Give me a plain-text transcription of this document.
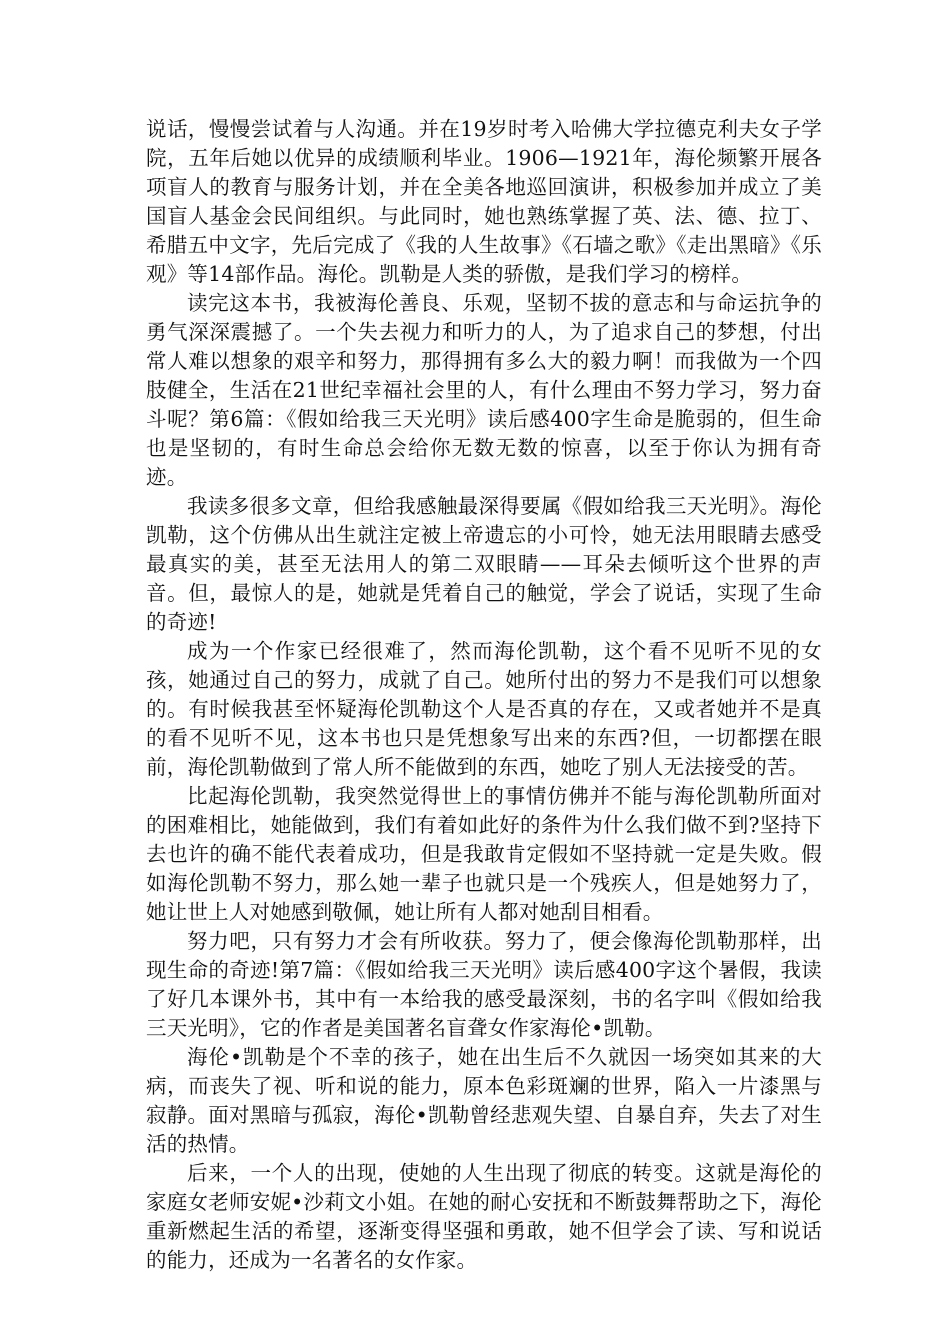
说话，慢慢尝试着与人沟通。并在19岁时考入哈佛大学拉德克利夫女子学院，五年后她以优异的成绩顺利毕业。1906—1921年，海伦频繁开展各项盲人的教育与服务计划，并在全美各地巡回演讲，积极参加并成立了美国盲人基金会民间组织。与此同时，她也熟练掌握了英、法、德、拉丁、希腊五中文字，先后完成了《我的人生故事》《石墙之歌》《走出黑暗》《乐观》等14部作品。海伦。凯勒是人类的骄傲，是我们学习的榜样。

读完这本书，我被海伦善良、乐观，坚韧不拔的意志和与命运抗争的勇气深深震撼了。一个失去视力和听力的人，为了追求自己的梦想，付出常人难以想象的艰辛和努力，那得拥有多么大的毅力啊！而我做为一个四肢健全，生活在21世纪幸福社会里的人，有什么理由不努力学习，努力奋斗呢？第6篇：《假如给我三天光明》读后感400字生命是脆弱的，但生命也是坚韧的，有时生命总会给你无数无数的惊喜，以至于你认为拥有奇迹。

我读多很多文章，但给我感触最深得要属《假如给我三天光明》。海伦凯勒，这个仿佛从出生就注定被上帝遗忘的小可怜，她无法用眼睛去感受最真实的美，甚至无法用人的第二双眼睛——耳朵去倾听这个世界的声音。但，最惊人的是，她就是凭着自己的触觉，学会了说话，实现了生命的奇迹!

成为一个作家已经很难了，然而海伦凯勒，这个看不见听不见的女孩，她通过自己的努力，成就了自己。她所付出的努力不是我们可以想象的。有时候我甚至怀疑海伦凯勒这个人是否真的存在，又或者她并不是真的看不见听不见，这本书也只是凭想象写出来的东西?但，一切都摆在眼前，海伦凯勒做到了常人所不能做到的东西，她吃了别人无法接受的苦。

比起海伦凯勒，我突然觉得世上的事情仿佛并不能与海伦凯勒所面对的困难相比，她能做到，我们有着如此好的条件为什么我们做不到?坚持下去也许的确不能代表着成功，但是我敢肯定假如不坚持就一定是失败。假如海伦凯勒不努力，那么她一辈子也就只是一个残疾人，但是她努力了，她让世上人对她感到敬佩，她让所有人都对她刮目相看。

努力吧，只有努力才会有所收获。努力了，便会像海伦凯勒那样，出现生命的奇迹!第7篇：《假如给我三天光明》读后感400字这个暑假，我读了好几本课外书，其中有一本给我的感受最深刻，书的名字叫《假如给我三天光明》，它的作者是美国著名盲聋女作家海伦•凯勒。

海伦•凯勒是个不幸的孩子，她在出生后不久就因一场突如其来的大病，而丧失了视、听和说的能力，原本色彩斑斓的世界，陷入一片漆黑与寂静。面对黑暗与孤寂，海伦•凯勒曾经悲观失望、自暴自弃，失去了对生活的热情。

后来，一个人的出现，使她的人生出现了彻底的转变。这就是海伦的家庭女老师安妮•沙莉文小姐。在她的耐心安抚和不断鼓舞帮助之下，海伦重新燃起生活的希望，逐渐变得坚强和勇敢，她不但学会了读、写和说话的能力，还成为一名著名的女作家。
